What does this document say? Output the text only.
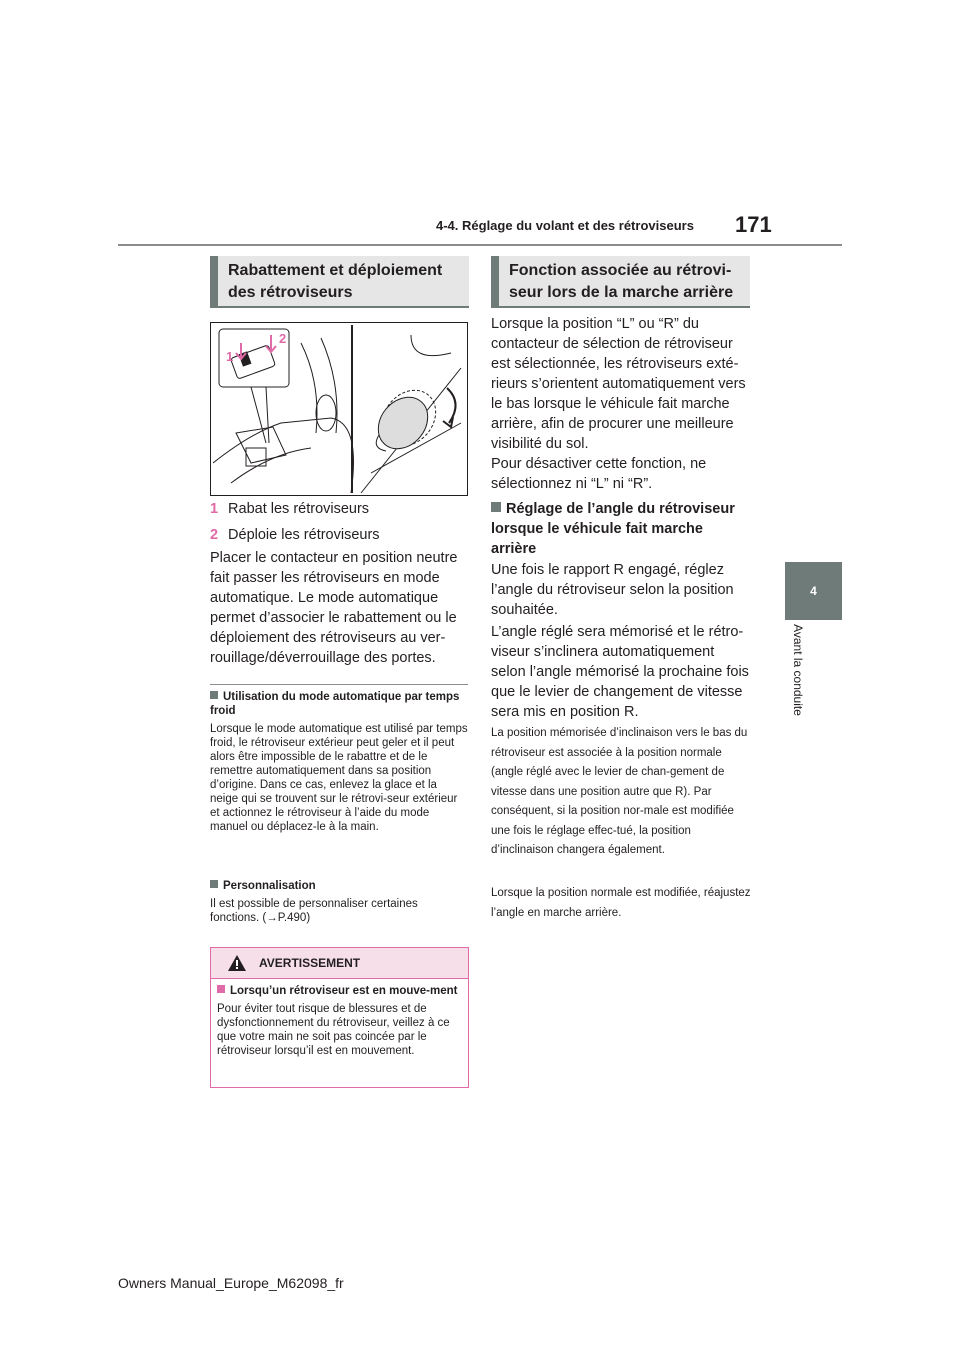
4-4. Réglage du volant et des rétroviseurs 171
4
Avant la conduite
Rabattement et déploiement des rétroviseurs
1
2

1 Rabat les rétroviseurs

2 Déploie les rétroviseurs

Placer le contacteur en position neutre fait passer les rétroviseurs en mode automatique. Le mode automatique permet d’associer le rabattement ou le déploiement des rétroviseurs au ver-rouillage/déverrouillage des portes.

Utilisation du mode automatique par temps froid

Lorsque le mode automatique est utilisé par temps froid, le rétroviseur extérieur peut geler et il peut alors être impossible de le rabattre et de le remettre automatiquement dans sa position d’origine. Dans ce cas, enlevez la glace et la neige qui se trouvent sur le rétrovi-seur extérieur et actionnez le rétroviseur à l’aide du mode manuel ou déplacez-le à la main.

Personnalisation

Il est possible de personnaliser certaines fonctions. (→P.490)

AVERTISSEMENT

Lorsqu’un rétroviseur est en mouve-ment

Pour éviter tout risque de blessures et de dysfonctionnement du rétroviseur, veillez à ce que votre main ne soit pas coincée par le rétroviseur lorsqu’il est en mouvement.

Fonction associée au rétrovi-seur lors de la marche arrière

Lorsque la position “L” ou “R” du contacteur de sélection de rétroviseur est sélectionnée, les rétroviseurs exté-rieurs s’orientent automatiquement vers le bas lorsque le véhicule fait marche arrière, afin de procurer une meilleure visibilité du sol.

Pour désactiver cette fonction, ne sélectionnez ni “L” ni “R”.

Réglage de l’angle du rétroviseur lorsque le véhicule fait marche arrière

Une fois le rapport R engagé, réglez l’angle du rétroviseur selon la position souhaitée.

L’angle réglé sera mémorisé et le rétro-viseur s’inclinera automatiquement selon l’angle mémorisé la prochaine fois que le levier de changement de vitesse sera mis en position R.

La position mémorisée d’inclinaison vers le bas du rétroviseur est associée à la position normale (angle réglé avec le levier de chan-gement de vitesse dans une position autre que R). Par conséquent, si la position nor-male est modifiée une fois le réglage effec-tué, la position d’inclinaison changera également.

Lorsque la position normale est modifiée, réajustez l’angle en marche arrière.

Owners Manual_Europe_M62098_fr
